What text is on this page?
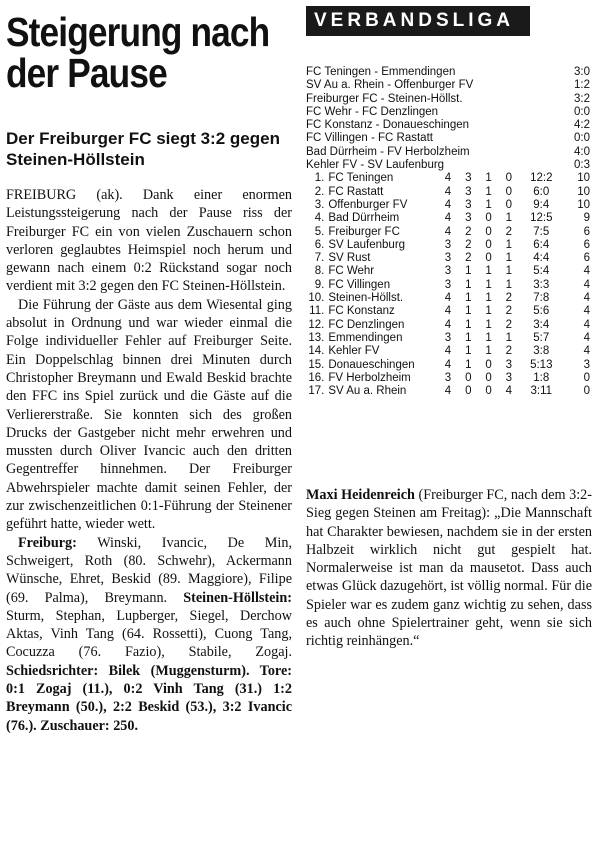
Steigerung nach der Pause
Der Freiburger FC siegt 3:2 gegen Steinen-Höllstein

FREIBURG (ak). Dank einer enormen Leistungssteigerung nach der Pause riss der Freiburger FC ein von vielen Zuschauern schon verloren geglaubtes Heimspiel noch herum und gewann nach einem 0:2 Rückstand sogar noch verdient mit 3:2 gegen den FC Steinen-Höllstein.

Die Führung der Gäste aus dem Wiesental ging absolut in Ordnung und war wieder einmal die Folge individueller Fehler auf Freiburger Seite. Ein Doppelschlag binnen drei Minuten durch Christopher Breymann und Ewald Beskid brachte den FFC ins Spiel zurück und die Gäste auf die Verliererstraße. Sie konnten sich des großen Drucks der Gastgeber nicht mehr erwehren und mussten durch Oliver Ivancic auch den dritten Gegentreffer hinnehmen. Der Freiburger Abwehrspieler machte damit seinen Fehler, der zur zwischenzeitlichen 0:1-Führung der Steinener geführt hatte, wieder wett.

Freiburg: Winski, Ivancic, De Min, Schweigert, Roth (80. Schwehr), Ackermann Wünsche, Ehret, Beskid (89. Maggiore), Filipe (69. Palma), Breymann. Steinen-Höllstein: Sturm, Stephan, Lupberger, Siegel, Derchow Aktas, Vinh Tang (64. Rossetti), Cuong Tang, Cocuzza (76. Fazio), Stabile, Zogaj. Schiedsrichter: Bilek (Muggensturm). Tore: 0:1 Zogaj (11.), 0:2 Vinh Tang (31.) 1:2 Breymann (50.), 2:2 Beskid (53.), 3:2 Ivancic (76.). Zuschauer: 250.

VERBANDSLIGA
FC Teningen - Emmendingen	3:0
SV Au a. Rhein - Offenburger FV	1:2
Freiburger FC - Steinen-Höllst.	3:2
FC Wehr - FC Denzlingen	0:0
FC Konstanz - Donaueschingen	4:2
FC Villingen - FC Rastatt	0:0
Bad Dürrheim - FV Herbolzheim	4:0
Kehler FV - SV Laufenburg	0:3
1.	FC Teningen	4	3	1	0	12:2	10
2.	FC Rastatt	4	3	1	0	6:0	10
3.	Offenburger FV	4	3	1	0	9:4	10
4.	Bad Dürrheim	4	3	0	1	12:5	9
5.	Freiburger FC	4	2	0	2	7:5	6
6.	SV Laufenburg	3	2	0	1	6:4	6
7.	SV Rust	3	2	0	1	4:4	6
8.	FC Wehr	3	1	1	1	5:4	4
9.	FC Villingen	3	1	1	1	3:3	4
10.	Steinen-Höllst.	4	1	1	2	7:8	4
11.	FC Konstanz	4	1	1	2	5:6	4
12.	FC Denzlingen	4	1	1	2	3:4	4
13.	Emmendingen	3	1	1	1	5:7	4
14.	Kehler FV	4	1	1	2	3:8	4
15.	Donaueschingen	4	1	0	3	5:13	3
16.	FV Herbolzheim	3	0	0	3	1:8	0
17.	SV Au a. Rhein	4	0	0	4	3:11	0
Maxi Heidenreich (Freiburger FC, nach dem 3:2-Sieg gegen Steinen am Freitag): „Die Mannschaft hat Charakter bewiesen, nachdem sie in der ersten Halbzeit wirklich nicht gut gespielt hat. Normalerweise ist man da mausetot. Dass auch etwas Glück dazugehört, ist völlig normal. Für die Spieler war es zudem ganz wichtig zu sehen, dass es auch ohne Spielertrainer geht, wenn sie sich richtig reinhängen.“
